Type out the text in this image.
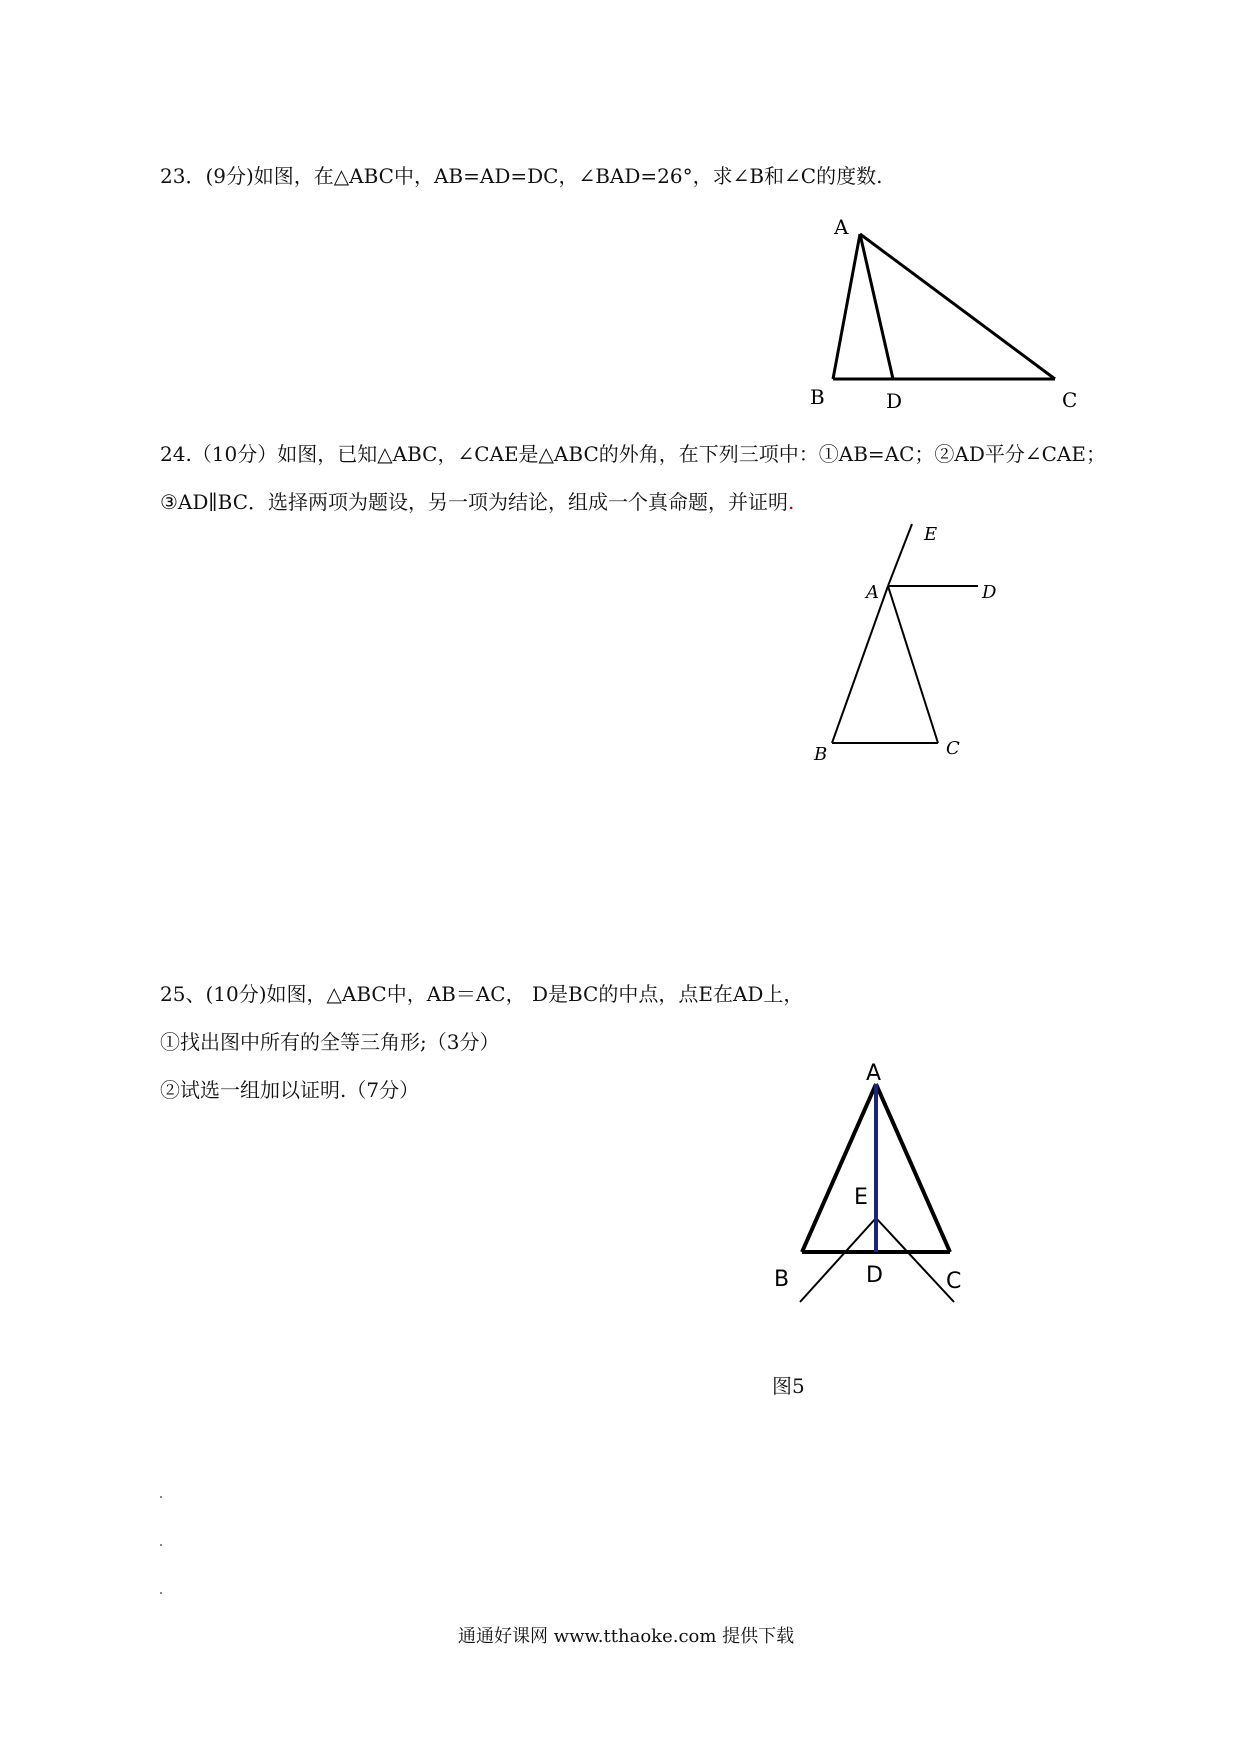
23．(9分)如图，在△ABC中，AB=AD=DC，∠BAD=26°，求∠B和∠C的度数.
A
B	D	C
24.（10分）如图，已知△ABC，∠CAE是△ABC的外角，在下列三项中：①AB=AC；②AD平分∠CAE；
③AD∥BC．选择两项为题设，另一项为结论，组成一个真命题，并证明.
E
A	D
B	C
25、(10分)如图，△ABC中，AB＝AC， D是BC的中点，点E在AD上，
①找出图中所有的全等三角形;（3分）
②试选一组加以证明.（7分）
A
E
B	D	C
图5
通通好课网 www.tthaoke.com 提供下载
